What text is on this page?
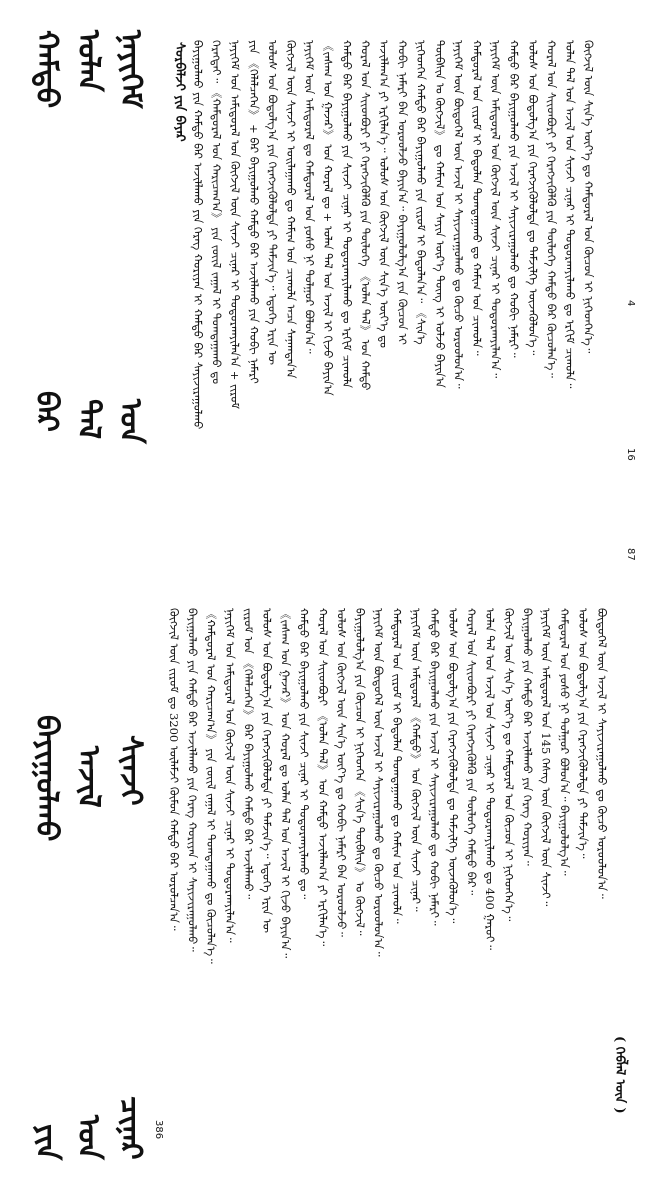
ᠬᠠᠮᠲᠤ
ᠪᠡᠷ
ᠪᠠᠶᠢᠭᠤᠯᠬᠤ
ᠶᠢᠨ
ᠣᠯᠠᠨ
ᠲᠠᠯ
ᠠᠵᠢᠯ
ᠤᠨ
ᠨᠡᠶᠢᠭᠡᠮ
ᠤᠨ
ᠰᠢᠨᠵᠢ
ᠴᠢᠨᠠᠷ
ᠰᠤᠷᠪᠠᠯᠵᠢ ᠶᠢᠨ ᠪᠠᠶᠠᠷ ᠪᠠᠶᠢᠭᠤᠯᠬᠤ ᠶᠢᠨ ᠬᠠᠮᠲᠤ ᠪᠡᠷ ᠠᠵᠢᠯᠯᠠᠬᠤ ᠶᠢᠨ ᠬᠡᠷᠡᠭ ᠬᠤᠷᠢᠶᠠᠨ ᠢ ᠬᠠᠮᠲᠤ ᠪᠡᠷ ᠰᠠᠶᠢᠵᠢᠷᠠᠭᠤᠯᠬᠤ ᠬᠡᠷᠡᠭᠲᠡᠶ᠃ 《ᠬᠠᠮᠲᠤᠷᠠᠯ ᠤᠨ ᠬᠠᠷᠢᠴᠠᠭ᠎ᠠ》 ᠶᠢᠨ ᠵᠦᠢᠯ ᠵᠠᠭᠠᠯ ᠢ ᠲᠤᠭᠳᠠᠭᠠᠬᠤ ᠳᠤ ᠨᠡᠶᠢᠭᠡᠮ ᠤᠨ ᠠᠮᠢᠳᠤᠷᠠᠯ ᠤᠨ ᠬᠥᠭᠵᠢᠯ ᠦᠨ ᠰᠢᠨᠵᠢ ᠴᠢᠨᠠᠷ ᠢ ᠲᠣᠳᠤᠷᠬᠠᠶᠢᠯᠠᠨ᠎ᠠ + ᠵᠢᠷᠤᠮ ᠶᠢᠨ 《ᠬᠡᠯᠡᠯᠴᠡᠭᠡᠨ》 + ᠪᠠᠷ ᠪᠠᠶᠢᠭᠤᠯᠬᠤ ᠬᠠᠮᠲᠤ ᠪᠡᠷ ᠠᠵᠢᠯᠯᠠᠬᠤ ᠶᠢᠨ ᠬᠤᠪᠢ ᠨᠡᠮᠡᠷᠢ ᠤᠯᠤᠰ ᠤᠨ ᠪᠣᠳᠣᠯᠭ᠎ᠠ ᠶᠢᠨ ᠬᠡᠷᠡᠭᠵᠢᠭᠦᠯᠦᠯᠲᠡ ᠶᠢ ᠳᠡᠮᠵᠢᠨ᠎ᠡ᠃ ᠡᠳᠦᠭᠡ ᠡᠷᠢᠨ ᠦ ᠬᠥᠭᠵᠢᠯ ᠦᠨ ᠰᠢᠨᠵᠢ ᠢ ᠣᠢᠯᠠᠭᠠᠬᠤ ᠳᠤ ᠬᠠᠮᠢᠭ ᠤᠨ ᠴᠢᠬᠤᠯᠠ ᠠᠴᠠ ᠰᠠᠨᠠᠭᠳᠠᠨ᠎ᠠ ᠨᠡᠶᠢᠭᠡᠮ ᠦᠨ ᠠᠮᠢᠳᠤᠷᠠᠯ ᠳᠤ ᠬᠠᠮᠲᠤᠷᠠᠯ ᠤᠨ ᠶᠣᠰᠣ ᠨᠢ ᠲᠤᠯᠭᠤᠷ ᠪᠣᠯᠤᠨ᠎ᠠ᠃ 《ᠵᠠᠰᠠᠭ ᠤᠨ ᠭᠠᠵᠠᠷ》 ᠤᠨ ᠬᠤᠷᠠᠯ ᠳᠤ + ᠣᠯᠠᠨ ᠲᠠᠯ ᠤᠨ ᠠᠵᠢᠯ ᠢ ᠬᠢᠵᠦ ᠪᠠᠶᠢᠨ᠎ᠠ ᠬᠠᠮᠲᠤ ᠪᠡᠷ ᠪᠠᠶᠢᠭᠤᠯᠬᠤ ᠶᠢᠨ ᠰᠢᠨᠵᠢ ᠴᠢᠨᠠᠷ ᠢ ᠲᠣᠳᠤᠷᠬᠠᠶᠢᠯᠠᠬᠤ ᠳᠤ ᠡᠷᠬᠢᠮ ᠴᠢᠬᠤᠯᠠ ᠬᠤᠷᠠᠯ ᠤᠨ ᠰᠢᠢᠳᠪᠦᠷᠢ ᠶᠢ ᠬᠡᠷᠡᠭᠵᠢᠭᠦᠯᠬᠦ ᠶᠢᠨ ᠲᠥᠯᠥᠭᠡ 《ᠣᠯᠠᠨ ᠲᠠᠯ》 ᠤᠨ ᠬᠠᠮᠲᠤ ᠠᠵᠢᠯᠯᠠᠭ᠎ᠠ ᠶᠢ ᠡᠷᠬᠢᠯᠡᠨ᠎ᠡ᠃ ᠤᠯᠤᠰ ᠤᠨ ᠬᠥᠭᠵᠢᠯ ᠦᠨ ᠰᠢᠨ᠎ᠡ ᠦᠶ᠎ᠡ ᠳᠤ ᠬᠤᠪᠢ ᠨᠡᠮᠡᠷᠢ ᠪᠡᠨ ᠣᠷᠤᠤᠯᠵᠤ ᠪᠠᠶᠢᠨ᠎ᠠ᠃ ᠪᠠᠶᠢᠭᠤᠯᠤᠯᠭ᠎ᠠ ᠶᠢᠨ ᠬᠦᠴᠦᠨ ᠢ ᠨᠢᠭᠡᠳᠭᠡᠨ ᠬᠠᠮᠲᠤ ᠪᠡᠷ ᠪᠠᠶᠢᠭᠤᠯᠬᠤ ᠶᠢᠨ ᠵᠢᠷᠤᠮ ᠢ ᠪᠠᠲᠤᠯᠠᠨ᠎ᠠ᠃ 《ᠰᠢᠨ᠎ᠡ ᠲᠦᠪᠰᠢᠨ ᠤ ᠬᠥᠭᠵᠢᠯ》 ᠳᠤ ᠬᠠᠮᠢᠭ ᠤᠨ ᠰᠠᠶᠢᠨ ᠦᠷ᠎ᠡ ᠳᠦᠩ ᠢ ᠣᠯᠵᠤ ᠪᠠᠶᠢᠨ᠎ᠠ ᠨᠡᠶᠢᠭᠡᠮ ᠦᠨ ᠪᠦᠲᠦᠭᠡᠯ ᠦᠨ ᠠᠵᠢᠯ ᠢ ᠰᠠᠶᠢᠵᠢᠷᠠᠭᠤᠯᠬᠤ ᠳᠤ ᠬᠦᠴᠦ ᠣᠷᠤᠤᠯᠤᠨ᠎ᠠ᠃ ᠬᠠᠮᠲᠤᠷᠠᠯ ᠤᠨ ᠵᠢᠷᠤᠮ ᠢ ᠪᠠᠲᠤᠯᠠᠨ ᠲᠣᠭᠲᠠᠭᠠᠬᠤ ᠳᠤ ᠬᠠᠮᠢᠭ ᠤᠨ ᠴᠢᠬᠤᠯᠠ᠃ ᠨᠡᠶᠢᠭᠡᠮ ᠦᠨ ᠠᠮᠢᠳᠤᠷᠠᠯ ᠤᠨ ᠬᠥᠭᠵᠢᠯ ᠦᠨ ᠰᠢᠨᠵᠢ ᠴᠢᠨᠠᠷ ᠢ ᠲᠣᠳᠤᠷᠬᠠᠶᠢᠯᠠᠨ᠎ᠠ᠃ ᠬᠠᠮᠲᠤ ᠪᠡᠷ ᠪᠠᠶᠢᠭᠤᠯᠬᠤ ᠶᠢᠨ ᠠᠵᠢᠯ ᠢ ᠰᠠᠶᠢᠵᠢᠷᠠᠭᠤᠯᠬᠤ ᠳᠤ ᠬᠤᠪᠢ ᠨᠡᠮᠡᠷᠢ᠃ ᠤᠯᠤᠰ ᠤᠨ ᠪᠣᠳᠣᠯᠭ᠎ᠠ ᠶᠢᠨ ᠬᠡᠷᠡᠭᠵᠢᠭᠦᠯᠦᠯᠲᠡ ᠳᠤ ᠳᠡᠮᠵᠢᠯᠭᠡ ᠦᠵᠡᠭᠦᠯᠦᠨ᠎ᠡ᠃ ᠬᠤᠷᠠᠯ ᠤᠨ ᠰᠢᠢᠳᠪᠦᠷᠢ ᠶᠢ ᠬᠡᠷᠡᠭᠵᠢᠭᠦᠯᠬᠦ ᠶᠢᠨ ᠲᠥᠯᠥᠭᠡ ᠬᠠᠮᠲᠤ ᠪᠡᠷ ᠬᠦᠴᠦᠯᠡᠨ᠎ᠡ᠃ ᠣᠯᠠᠨ ᠲᠠᠯ ᠤᠨ ᠠᠵᠢᠯ ᠤᠨ ᠰᠢᠨᠵᠢ ᠴᠢᠨᠠᠷ ᠢ ᠲᠣᠳᠤᠷᠬᠠᠶᠢᠯᠠᠬᠤ ᠳᠤ ᠡᠷᠬᠢᠮ ᠴᠢᠬᠤᠯᠠ᠃ ᠬᠥᠭᠵᠢᠯ ᠦᠨ ᠰᠢᠨ᠎ᠡ ᠦᠶ᠎ᠡ ᠳᠤ ᠬᠠᠮᠲᠤᠷᠠᠯ ᠤᠨ ᠬᠦᠴᠦᠨ ᠢ ᠨᠢᠭᠡᠳᠭᠡᠨ᠎ᠡ᠃
ᠬᠥᠭᠵᠢᠯ ᠦᠨ ᠵᠢᠷᠤᠮ ᠳᠤ 3200 ᠦᠯᠡᠮᠵᠢ ᠬᠦᠮᠦᠨ ᠬᠠᠮᠲᠤ ᠪᠡᠷ ᠣᠷᠤᠯᠴᠠᠨ᠎ᠠ᠃ ᠪᠠᠶᠢᠭᠤᠯᠬᠤ ᠶᠢᠨ ᠬᠠᠮᠲᠤ ᠪᠡᠷ ᠠᠵᠢᠯᠯᠠᠬᠤ ᠶᠢᠨ ᠬᠡᠷᠡᠭ ᠬᠤᠷᠢᠶᠠᠨ ᠢ ᠰᠠᠶᠢᠵᠢᠷᠠᠭᠤᠯᠬᠤ᠃ 《ᠬᠠᠮᠲᠤᠷᠠᠯ ᠤᠨ ᠬᠠᠷᠢᠴᠠᠭ᠎ᠠ》 ᠶᠢᠨ ᠵᠦᠢᠯ ᠵᠠᠭᠠᠯ ᠢ ᠲᠤᠭᠳᠠᠭᠠᠬᠤ ᠳᠤ ᠬᠦᠴᠦᠯᠡᠨ᠎ᠡ᠃ ᠨᠡᠶᠢᠭᠡᠮ ᠤᠨ ᠠᠮᠢᠳᠤᠷᠠᠯ ᠤᠨ ᠬᠥᠭᠵᠢᠯ ᠦᠨ ᠰᠢᠨᠵᠢ ᠴᠢᠨᠠᠷ ᠢ ᠲᠣᠳᠤᠷᠬᠠᠶᠢᠯᠠᠨ᠎ᠠ᠃ ᠵᠢᠷᠤᠮ ᠤᠨ 《ᠬᠡᠯᠡᠯᠴᠡᠭᠡᠨ》 ᠪᠠᠷ ᠪᠠᠶᠢᠭᠤᠯᠬᠤ ᠬᠠᠮᠲᠤ ᠪᠡᠷ ᠠᠵᠢᠯᠯᠠᠬᠤ᠃ ᠤᠯᠤᠰ ᠤᠨ ᠪᠣᠳᠣᠯᠭ᠎ᠠ ᠶᠢᠨ ᠬᠡᠷᠡᠭᠵᠢᠭᠦᠯᠦᠯᠲᠡ ᠶᠢ ᠳᠡᠮᠵᠢᠨ᠎ᠡ᠃ ᠡᠳᠦᠭᠡ ᠡᠷᠢᠨ ᠦ 《ᠵᠠᠰᠠᠭ ᠤᠨ ᠭᠠᠵᠠᠷ》 ᠤᠨ ᠬᠤᠷᠠᠯ ᠳᠤ ᠣᠯᠠᠨ ᠲᠠᠯ ᠤᠨ ᠠᠵᠢᠯ ᠢ ᠬᠢᠵᠦ ᠪᠠᠶᠢᠨ᠎ᠠ᠃ ᠬᠠᠮᠲᠤ ᠪᠡᠷ ᠪᠠᠶᠢᠭᠤᠯᠬᠤ ᠶᠢᠨ ᠰᠢᠨᠵᠢ ᠴᠢᠨᠠᠷ ᠢ ᠲᠣᠳᠤᠷᠬᠠᠶᠢᠯᠠᠬᠤ ᠳᠤ᠃ ᠬᠤᠷᠠᠯ ᠤᠨ ᠰᠢᠢᠳᠪᠦᠷᠢ 《ᠣᠯᠠᠨ ᠲᠠᠯ》 ᠤᠨ ᠬᠠᠮᠲᠤ ᠠᠵᠢᠯᠯᠠᠭ᠎ᠠ ᠶᠢ ᠡᠷᠬᠢᠯᠡᠨ᠎ᠡ᠃ ᠤᠯᠤᠰ ᠤᠨ ᠬᠥᠭᠵᠢᠯ ᠦᠨ ᠰᠢᠨ᠎ᠡ ᠦᠶ᠎ᠡ ᠳᠤ ᠬᠤᠪᠢ ᠨᠡᠮᠡᠷᠢ ᠪᠡᠨ ᠣᠷᠤᠤᠯᠵᠤ᠃ ᠪᠠᠶᠢᠭᠤᠯᠤᠯᠭ᠎ᠠ ᠶᠢᠨ ᠬᠦᠴᠦᠨ ᠢ ᠨᠢᠭᠡᠳᠭᠡᠨ 《ᠰᠢᠨ᠎ᠡ ᠲᠦᠪᠰᠢᠨ》 ᠤ ᠬᠥᠭᠵᠢᠯ᠃ ᠨᠡᠶᠢᠭᠡᠮ ᠦᠨ ᠪᠦᠲᠦᠭᠡᠯ ᠦᠨ ᠠᠵᠢᠯ ᠢ ᠰᠠᠶᠢᠵᠢᠷᠠᠭᠤᠯᠬᠤ ᠳᠤ ᠬᠦᠴᠦ ᠣᠷᠤᠤᠯᠤᠨ᠎ᠠ᠃ ᠬᠠᠮᠲᠤᠷᠠᠯ ᠤᠨ ᠵᠢᠷᠤᠮ ᠢ ᠪᠠᠲᠤᠯᠠᠨ ᠲᠣᠭᠲᠠᠭᠠᠬᠤ ᠳᠤ ᠬᠠᠮᠢᠭ ᠤᠨ ᠴᠢᠬᠤᠯᠠ᠃ ᠨᠡᠶᠢᠭᠡᠮ ᠦᠨ ᠠᠮᠢᠳᠤᠷᠠᠯ 《ᠬᠠᠮᠲᠤ》 ᠤᠨ ᠬᠥᠭᠵᠢᠯ ᠦᠨ ᠰᠢᠨᠵᠢ ᠴᠢᠨᠠᠷ᠃ ᠬᠠᠮᠲᠤ ᠪᠡᠷ ᠪᠠᠶᠢᠭᠤᠯᠬᠤ ᠶᠢᠨ ᠠᠵᠢᠯ ᠢ ᠰᠠᠶᠢᠵᠢᠷᠠᠭᠤᠯᠬᠤ ᠳᠤ ᠬᠤᠪᠢ ᠨᠡᠮᠡᠷᠢ᠃ ᠤᠯᠤᠰ ᠤᠨ ᠪᠣᠳᠣᠯᠭ᠎ᠠ ᠶᠢᠨ ᠬᠡᠷᠡᠭᠵᠢᠭᠦᠯᠦᠯᠲᠡ ᠳᠤ ᠳᠡᠮᠵᠢᠯᠭᠡ ᠦᠵᠡᠭᠦᠯᠦᠨ᠎ᠡ᠃ ᠬᠤᠷᠠᠯ ᠤᠨ ᠰᠢᠢᠳᠪᠦᠷᠢ ᠶᠢ ᠬᠡᠷᠡᠭᠵᠢᠭᠦᠯᠬᠦ ᠶᠢᠨ ᠲᠥᠯᠥᠭᠡ ᠬᠠᠮᠲᠤ ᠪᠡᠷ᠃ ᠣᠯᠠᠨ ᠲᠠᠯ ᠤᠨ ᠠᠵᠢᠯ ᠤᠨ ᠰᠢᠨᠵᠢ ᠴᠢᠨᠠᠷ ᠢ ᠲᠣᠳᠤᠷᠬᠠᠶᠢᠯᠠᠬᠤ ᠳᠤ 400 ᠭᠠᠷᠤᠢ᠃ ᠬᠥᠭᠵᠢᠯ ᠦᠨ ᠰᠢᠨ᠎ᠡ ᠦᠶ᠎ᠡ ᠳᠤ ᠬᠠᠮᠲᠤᠷᠠᠯ ᠤᠨ ᠬᠦᠴᠦᠨ ᠢ ᠨᠢᠭᠡᠳᠭᠡᠨ᠎ᠡ᠃ ᠪᠠᠶᠢᠭᠤᠯᠬᠤ ᠶᠢᠨ ᠬᠠᠮᠲᠤ ᠪᠡᠷ ᠠᠵᠢᠯᠯᠠᠬᠤ ᠶᠢᠨ ᠬᠡᠷᠡᠭ ᠬᠤᠷᠢᠶᠠᠨ᠃ ᠨᠡᠶᠢᠭᠡᠮ ᠦᠨ ᠠᠮᠢᠳᠤᠷᠠᠯ ᠤᠨ 145 ᠬᠡᠰᠡᠭ ᠦᠨ ᠬᠥᠭᠵᠢᠯ ᠦᠨ ᠰᠢᠨᠵᠢ᠃ ᠬᠠᠮᠲᠤᠷᠠᠯ ᠤᠨ ᠶᠣᠰᠣ ᠨᠢ ᠲᠤᠯᠭᠤᠷ ᠪᠣᠯᠤᠨ᠎ᠠ᠃ ᠪᠠᠶᠢᠭᠤᠯᠤᠯᠭ᠎ᠠ᠃ ᠤᠯᠤᠰ ᠤᠨ ᠪᠣᠳᠣᠯᠭ᠎ᠠ ᠶᠢᠨ ᠬᠡᠷᠡᠭᠵᠢᠭᠦᠯᠦᠯᠲᠡ ᠶᠢ ᠳᠡᠮᠵᠢᠨ᠎ᠡ᠃ ᠪᠦᠲᠦᠭᠡᠯ ᠦᠨ ᠠᠵᠢᠯ ᠢ ᠰᠠᠶᠢᠵᠢᠷᠠᠭᠤᠯᠬᠤ ᠳᠤ ᠬᠦᠴᠦ ᠣᠷᠤᠤᠯᠤᠨ᠎ᠠ᠃
87
16
4
386
( ᠬᠡᠪᠯᠡᠯ ᠦᠨ )
